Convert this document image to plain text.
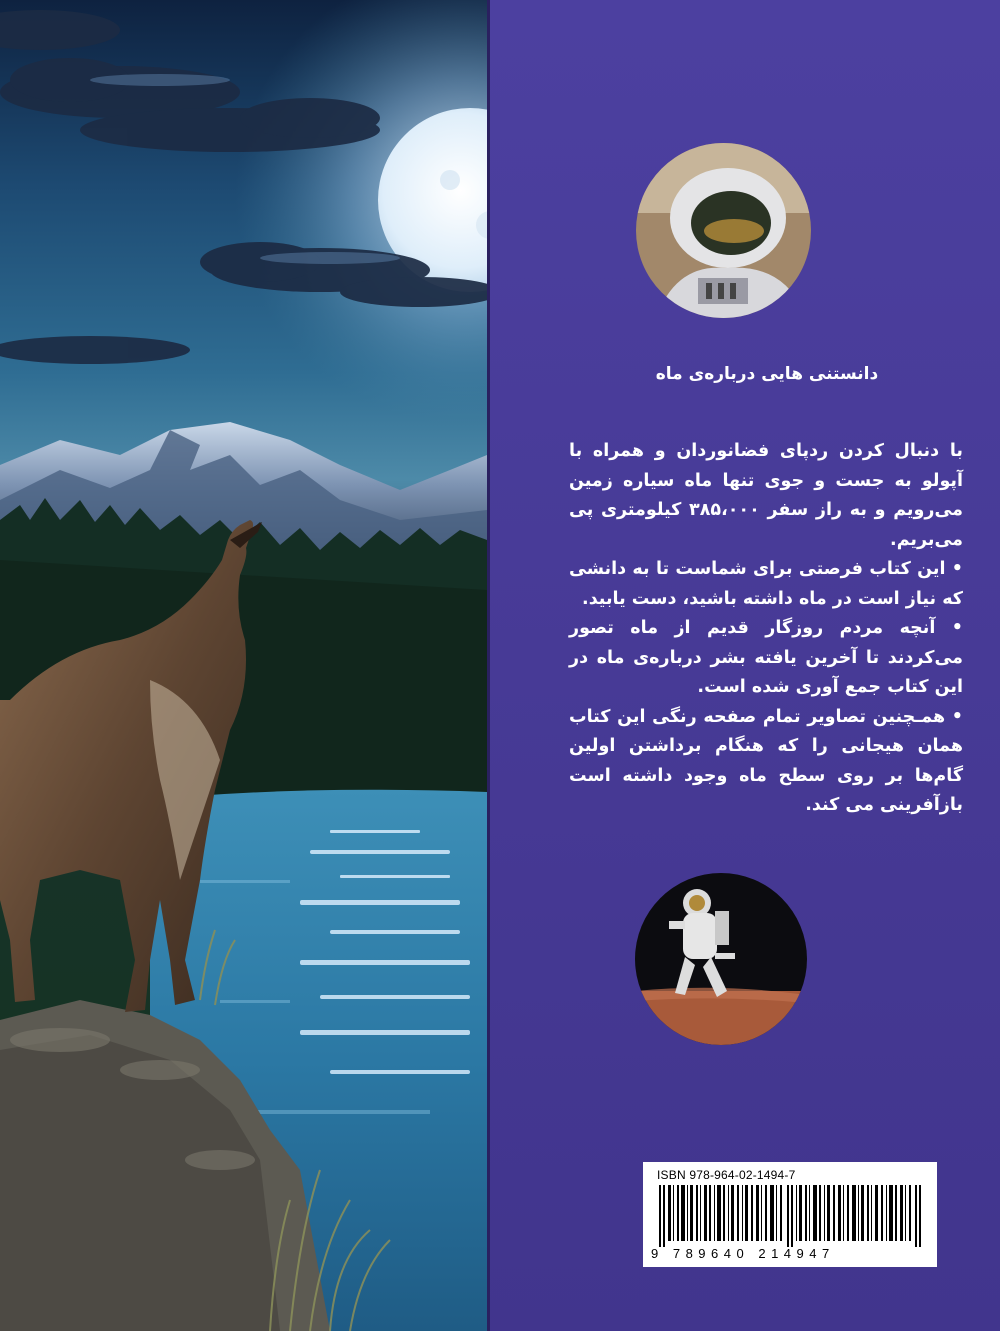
دانستنی هایی درباره‌ی ماه

با دنبال کردن ردپای فضانوردان و همراه با آپولو به جست و جوی تنها ماه سیاره زمین می‌رویم و به راز سفر ۳۸۵،۰۰۰ کیلومتری پی می‌بریم.

• این کتاب فرصتی برای شماست تا به دانشی که نیاز است در ماه داشته باشید، دست یابید.

• آنچه مردم روزگار قدیم از ماه تصور می‌کردند تا آخرین یافته بشر درباره‌ی ماه در این کتاب جمع آوری شده است.

• همـچنین تصاویر تمام صفحه رنگی این کتاب همان هیجانی را که هنگام برداشتن اولین گام‌ها بر روی سطح ماه وجود داشته است بازآفرینی می کند.

ISBN 978-964-02-1494-7
9 789640 214947
